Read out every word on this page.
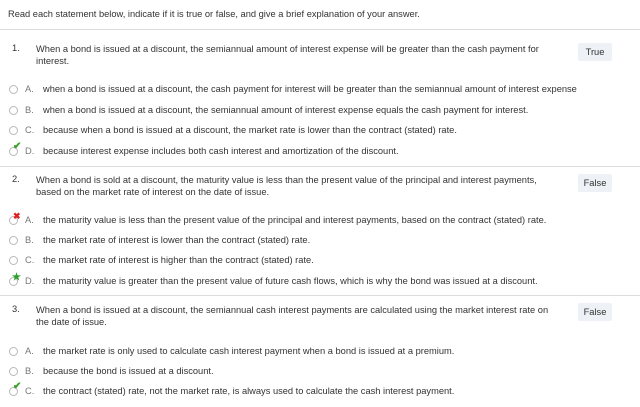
Read each statement below, indicate if it is true or false, and give a brief explanation of your answer.
1. When a bond is issued at a discount, the semiannual amount of interest expense will be greater than the cash payment for interest.
True
A. when a bond is issued at a discount, the cash payment for interest will be greater than the semiannual amount of interest expense
B. when a bond is issued at a discount, the semiannual amount of interest expense equals the cash payment for interest.
C. because when a bond is issued at a discount, the market rate is lower than the contract (stated) rate.
✔ D. because interest expense includes both cash interest and amortization of the discount.
2. When a bond is sold at a discount, the maturity value is less than the present value of the principal and interest payments, based on the market rate of interest on the date of issue.
False
✖ A. the maturity value is less than the present value of the principal and interest payments, based on the contract (stated) rate.
B. the market rate of interest is lower than the contract (stated) rate.
C. the market rate of interest is higher than the contract (stated) rate.
★ D. the maturity value is greater than the present value of future cash flows, which is why the bond was issued at a discount.
3. When a bond is issued at a discount, the semiannual cash interest payments are calculated using the market interest rate on the date of issue.
False
A. the market rate is only used to calculate cash interest payment when a bond is issued at a premium.
B. because the bond is issued at a discount.
✔ C. the contract (stated) rate, not the market rate, is always used to calculate the cash interest payment.
